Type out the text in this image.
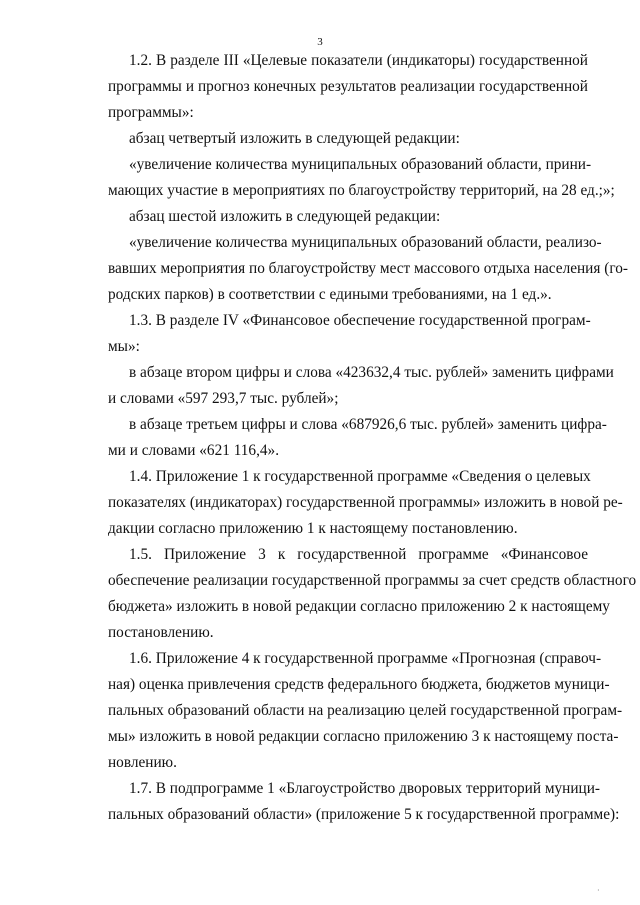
3
1.2. В разделе III «Целевые показатели (индикаторы) государственной
программы и прогноз конечных результатов реализации государственной
программы»:
абзац четвертый изложить в следующей редакции:
«увеличение количества муниципальных образований области, прини-
мающих участие в мероприятиях по благоустройству территорий, на 28 ед.;»;
абзац шестой изложить в следующей редакции:
«увеличение количества муниципальных образований области, реализо-
вавших мероприятия по благоустройству мест массового отдыха населения (го-
родских парков) в соответствии с едиными требованиями, на 1 ед.».
1.3. В разделе IV «Финансовое обеспечение государственной програм-
мы»:
в абзаце втором цифры и слова «423632,4 тыс. рублей» заменить цифрами
и словами «597 293,7 тыс. рублей»;
в абзаце третьем цифры и слова «687926,6 тыс. рублей» заменить цифра-
ми и словами «621 116,4».
1.4. Приложение 1 к государственной программе «Сведения о целевых
показателях (индикаторах) государственной программы» изложить в новой ре-
дакции согласно приложению 1 к настоящему постановлению.
1.5. Приложение 3 к государственной программе «Финансовое
обеспечение реализации государственной программы за счет средств областного
бюджета» изложить в новой редакции согласно приложению 2 к настоящему
постановлению.
1.6. Приложение 4 к государственной программе «Прогнозная (справоч-
ная) оценка привлечения средств федерального бюджета, бюджетов муници-
пальных образований области на реализацию целей государственной програм-
мы» изложить в новой редакции согласно приложению 3 к настоящему поста-
новлению.
1.7. В подпрограмме 1 «Благоустройство дворовых территорий муници-
пальных образований области» (приложение 5 к государственной программе):
·
